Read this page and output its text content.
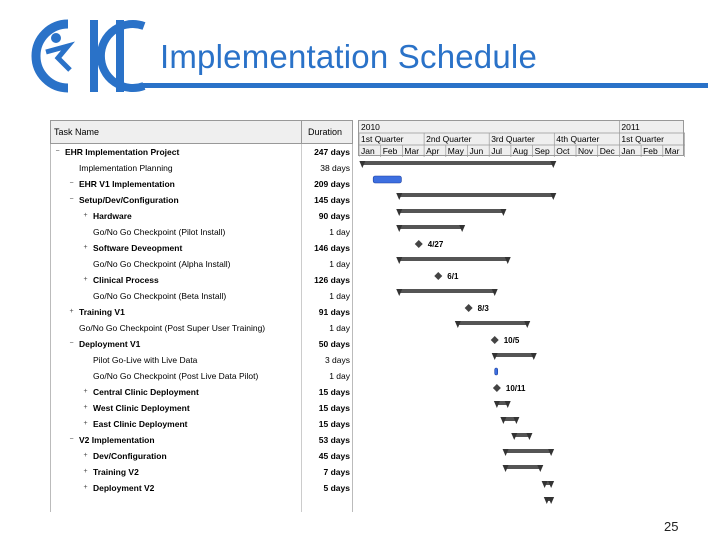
Implementation Schedule
Task Name	Duration
− EHR Implementation Project	247 days
Implementation Planning	38 days
− EHR V1 Implementation	209 days
− Setup/Dev/Configuration	145 days
+ Hardware	90 days
Go/No Go Checkpoint (Pilot Install)	1 day
+ Software Deveopment	146 days
Go/No Go Checkpoint (Alpha Install)	1 day
+ Clinical Process	126 days
Go/No Go Checkpoint (Beta Install)	1 day
+ Training V1	91 days
Go/No Go Checkpoint (Post Super User Training)	1 day
− Deployment V1	50 days
Pilot Go-Live with Live Data	3 days
Go/No Go Checkpoint (Post Live Data Pilot)	1 day
+ Central Clinic Deployment	15 days
+ West Clinic Deployment	15 days
+ East Clinic Deployment	15 days
− V2 Implementation	53 days
+ Dev/Configuration	45 days
+ Training V2	7 days
+ Deployment V2	5 days
2010	2011
1st Quarter	2nd Quarter 3rd Quarter	4th Quarter	1st Quarter
Jan Feb Mar Apr May Jun Jul Aug Sep Oct Nov Dec Jan Feb Mar
4/27
6/1
8/3
10/5
10/11
25
